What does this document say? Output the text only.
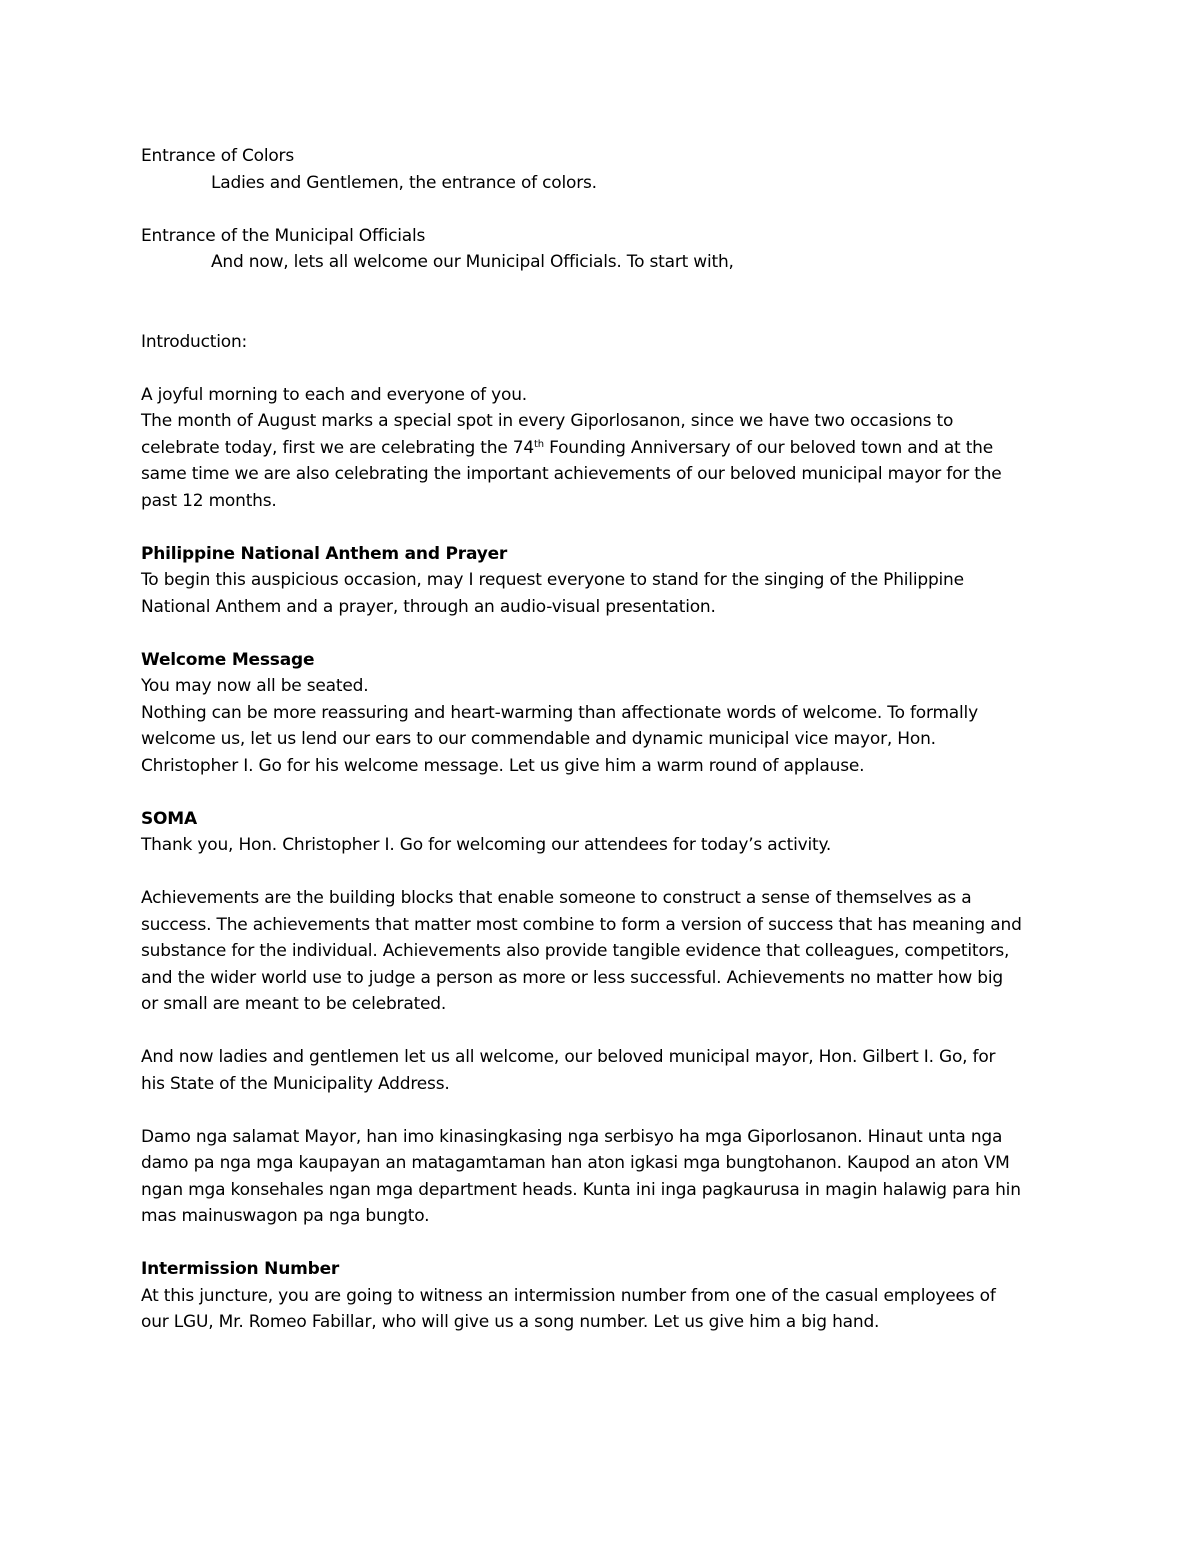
Entrance of Colors
Ladies and Gentlemen, the entrance of colors.
Entrance of the Municipal Officials
And now, lets all welcome our Municipal Officials. To start with,
Introduction:
A joyful morning to each and everyone of you.
The month of August marks a special spot in every Giporlosanon, since we have two occasions to
celebrate today, first we are celebrating the 74th Founding Anniversary of our beloved town and at the
same time we are also celebrating the important achievements of our beloved municipal mayor for the
past 12 months.
Philippine National Anthem and Prayer
To begin this auspicious occasion, may I request everyone to stand for the singing of the Philippine
National Anthem and a prayer, through an audio-visual presentation.
Welcome Message
You may now all be seated.
Nothing can be more reassuring and heart-warming than affectionate words of welcome. To formally
welcome us, let us lend our ears to our commendable and dynamic municipal vice mayor, Hon.
Christopher I. Go for his welcome message. Let us give him a warm round of applause.
SOMA
Thank you, Hon. Christopher I. Go for welcoming our attendees for today’s activity.
Achievements are the building blocks that enable someone to construct a sense of themselves as a
success. The achievements that matter most combine to form a version of success that has meaning and
substance for the individual. Achievements also provide tangible evidence that colleagues, competitors,
and the wider world use to judge a person as more or less successful. Achievements no matter how big
or small are meant to be celebrated.
And now ladies and gentlemen let us all welcome, our beloved municipal mayor, Hon. Gilbert I. Go, for
his State of the Municipality Address.
Damo nga salamat Mayor, han imo kinasingkasing nga serbisyo ha mga Giporlosanon. Hinaut unta nga
damo pa nga mga kaupayan an matagamtaman han aton igkasi mga bungtohanon. Kaupod an aton VM
ngan mga konsehales ngan mga department heads. Kunta ini inga pagkaurusa in magin halawig para hin
mas mainuswagon pa nga bungto.
Intermission Number
At this juncture, you are going to witness an intermission number from one of the casual employees of
our LGU, Mr. Romeo Fabillar, who will give us a song number. Let us give him a big hand.
